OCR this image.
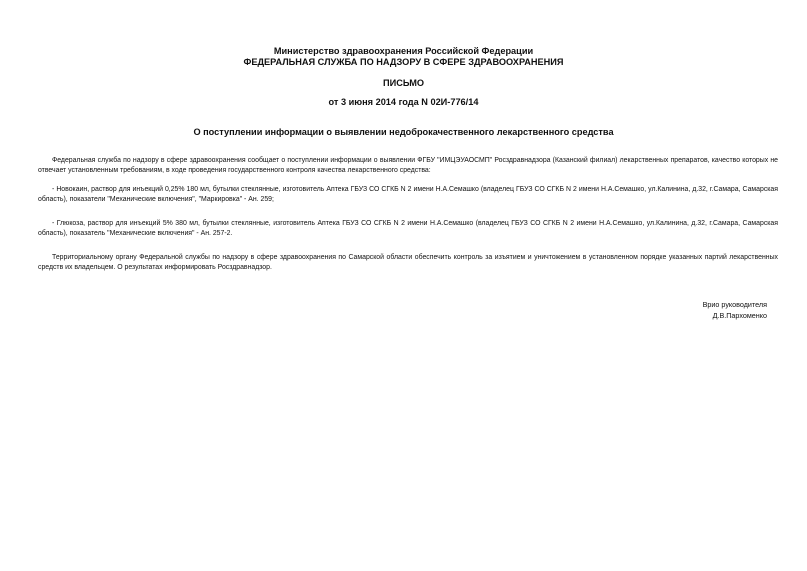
Министерство здравоохранения Российской Федерации
ФЕДЕРАЛЬНАЯ СЛУЖБА ПО НАДЗОРУ В СФЕРЕ ЗДРАВООХРАНЕНИЯ
ПИСЬМО
от 3 июня 2014 года N 02И-776/14
О поступлении информации о выявлении недоброкачественного лекарственного средства

Федеральная служба по надзору в сфере здравоохранения сообщает о поступлении информации о выявлении ФГБУ "ИМЦЭУАОСМП" Росздравнадзора (Казанский филиал) лекарственных препаратов, качество которых не отвечает установленным требованиям, в ходе проведения государственного контроля качества лекарственного средства:

- Новокаин, раствор для инъекций 0,25% 180 мл, бутылки стеклянные, изготовитель Аптека ГБУЗ СО СГКБ N 2 имени Н.А.Семашко (владелец ГБУЗ СО СГКБ N 2 имени Н.А.Семашко, ул.Калинина, д.32, г.Самара, Самарская область), показатели "Механические включения", "Маркировка" - Ан. 259;

- Глюкоза, раствор для инъекций 5% 380 мл, бутылки стеклянные, изготовитель Аптека ГБУЗ СО СГКБ N 2 имени Н.А.Семашко (владелец ГБУЗ СО СГКБ N 2 имени Н.А.Семашко, ул.Калинина, д.32, г.Самара, Самарская область), показатель "Механические включения" - Ан. 257-2.

Территориальному органу Федеральной службы по надзору в сфере здравоохранения по Самарской области обеспечить контроль за изъятием и уничтожением в установленном порядке указанных партий лекарственных средств их владельцем. О результатах информировать Росздравнадзор.

Врио руководителя
Д.В.Пархоменко
